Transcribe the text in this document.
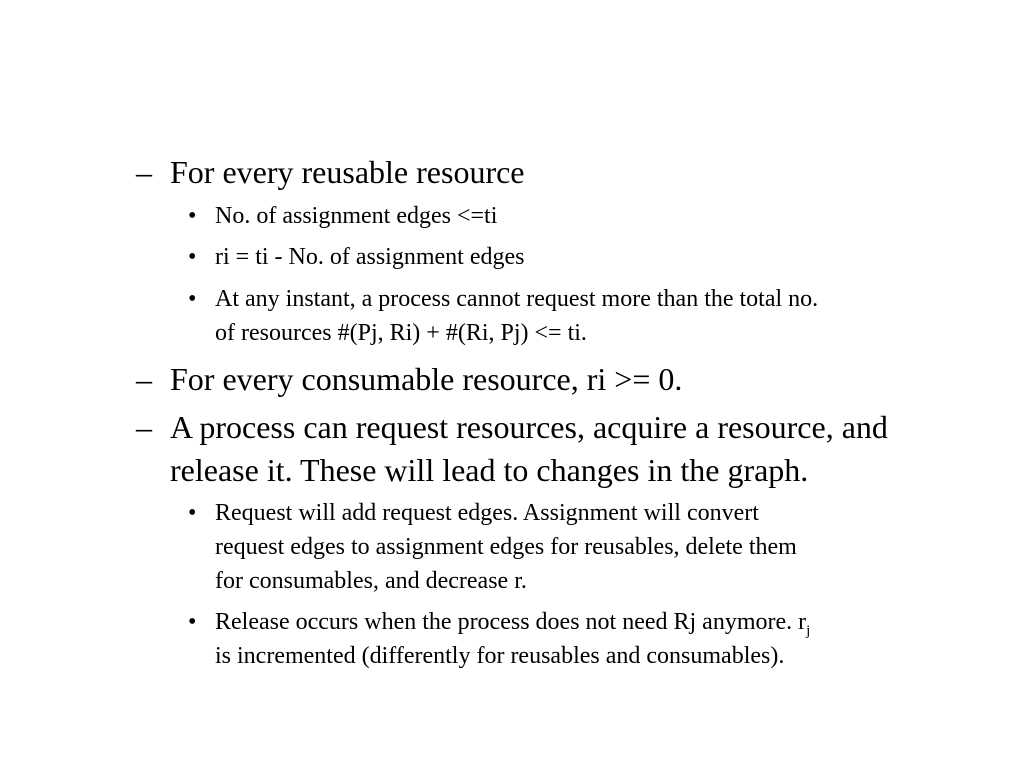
– For every reusable resource
• No. of assignment edges <=ti
• ri = ti - No. of assignment edges
• At any instant, a process cannot request more than the total no.
of resources #(Pj, Ri) + #(Ri, Pj) <= ti.
– For every consumable resource, ri >= 0.
– A process can request resources, acquire a resource, and
release it. These will lead to changes in the graph.
• Request will add request edges. Assignment will convert
request edges to assignment edges for reusables, delete them
for consumables, and decrease r.
• Release occurs when the process does not need Rj anymore. $r_j$
is incremented (differently for reusables and consumables).
